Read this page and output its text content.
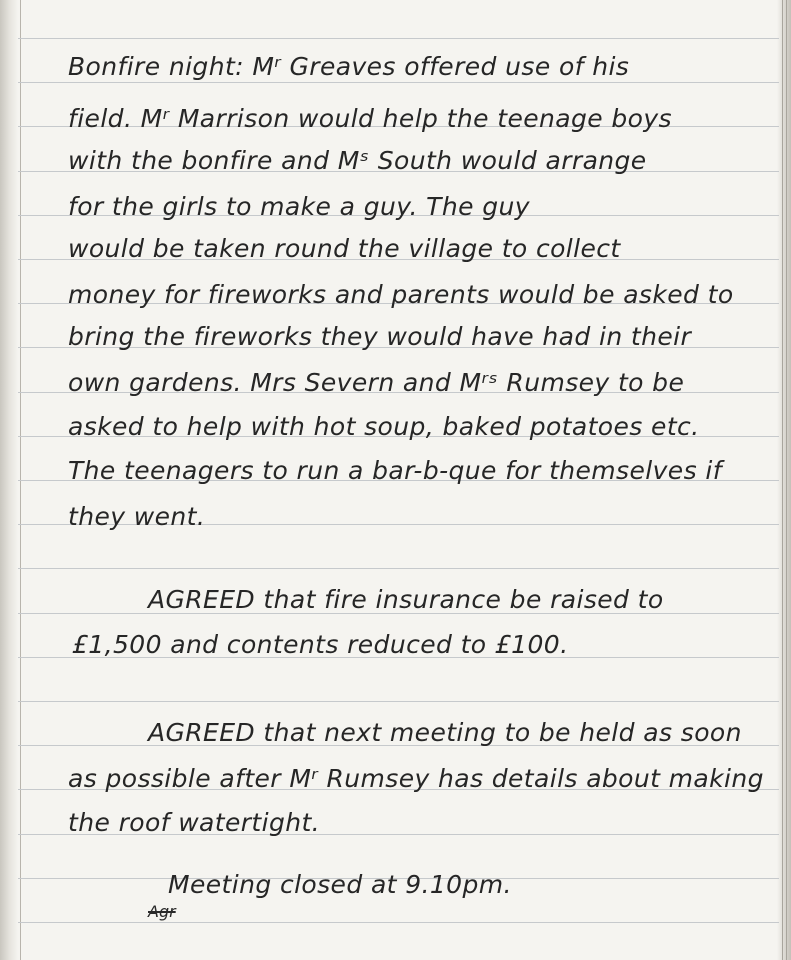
Bonfire night: Mʳ Greaves offered use of his
field. Mʳ Marrison would help the teenage boys
with the bonfire and Mˢ South would arrange
for the girls to make a guy. The guy
would be taken round the village to collect
money for fireworks and parents would be asked to
bring the fireworks they would have had in their
own gardens. Mrs Severn and Mʳˢ Rumsey to be
asked to help with hot soup, baked potatoes etc.
The teenagers to run a bar-b-que for themselves if
they went.
AGREED that fire insurance be raised to
£1,500 and contents reduced to £100.
AGREED that next meeting to be held as soon
as possible after Mʳ Rumsey has details about making
the roof watertight.
Meeting closed at 9.10pm.
Agr
